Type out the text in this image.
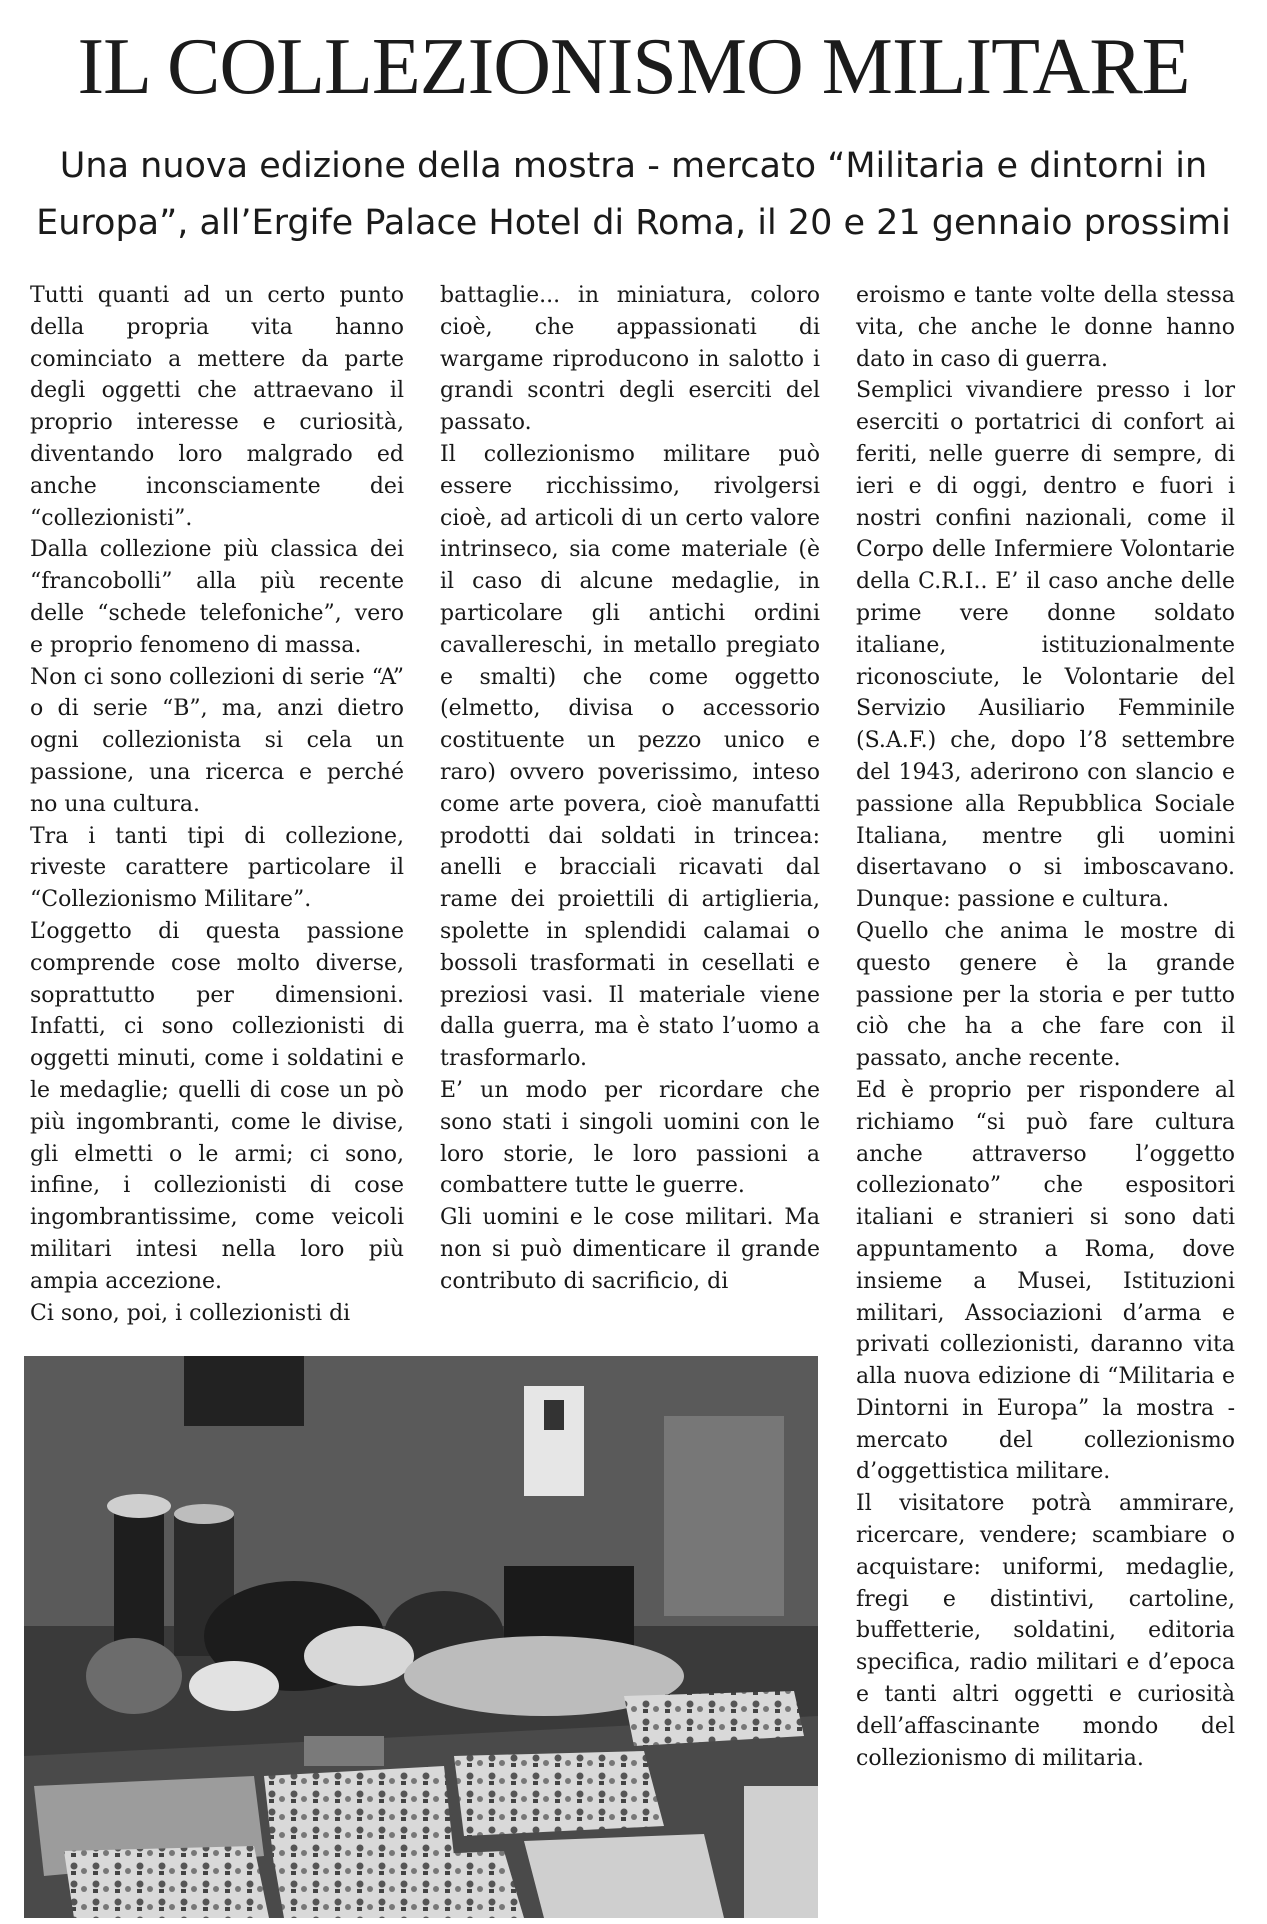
IL COLLEZIONISMO MILITARE
Una nuova edizione della mostra - mercato “Militaria e dintorni in Europa”, all’Ergife Palace Hotel di Roma, il 20 e 21 gennaio prossimi

Tutti quanti ad un certo punto della propria vita hanno cominciato a mettere da parte degli oggetti che attraevano il proprio interesse e curiosità, diventando loro malgrado ed anche inconsciamente dei “collezionisti”.

Dalla collezione più classica dei “francobolli” alla più recente delle “schede telefoniche”, vero e proprio fenomeno di massa.

Non ci sono collezioni di serie “A” o di serie “B”, ma, anzi dietro ogni collezionista si cela un passione, una ricerca e perché no una cultura.

Tra i tanti tipi di collezione, riveste carattere particolare il “Collezionismo Militare”.

L’oggetto di questa passione comprende cose molto diverse, soprattutto per dimensioni. Infatti, ci sono collezionisti di oggetti minuti, come i soldatini e le medaglie; quelli di cose un pò più ingombranti, come le divise, gli elmetti o le armi; ci sono, infine, i collezionisti di cose ingombrantissime, come veicoli militari intesi nella loro più ampia accezione.

Ci sono, poi, i collezionisti di

battaglie... in miniatura, coloro cioè, che appassionati di wargame riproducono in salotto i grandi scontri degli eserciti del passato.

Il collezionismo militare può essere ricchissimo, rivolgersi cioè, ad articoli di un certo valore intrinseco, sia come materiale (è il caso di alcune medaglie, in particolare gli antichi ordini cavallereschi, in metallo pregiato e smalti) che come oggetto (elmetto, divisa o accessorio costituente un pezzo unico e raro) ovvero poverissimo, inteso come arte povera, cioè manufatti prodotti dai soldati in trincea: anelli e bracciali ricavati dal rame dei proiettili di artiglieria, spolette in splendidi calamai o bossoli trasformati in cesellati e preziosi vasi. Il materiale viene dalla guerra, ma è stato l’uomo a trasformarlo.

E’ un modo per ricordare che sono stati i singoli uomini con le loro storie, le loro passioni a combattere tutte le guerre.

Gli uomini e le cose militari. Ma non si può dimenticare il grande contributo di sacrificio, di

eroismo e tante volte della stessa vita, che anche le donne hanno dato in caso di guerra.

Semplici vivandiere presso i lor eserciti o portatrici di confort ai feriti, nelle guerre di sempre, di ieri e di oggi, dentro e fuori i nostri confini nazionali, come il Corpo delle Infermiere Volontarie della C.R.I.. E’ il caso anche delle prime vere donne soldato italiane, istituzionalmente riconosciute, le Volontarie del Servizio Ausiliario Femminile (S.A.F.) che, dopo l’8 settembre del 1943, aderirono con slancio e passione alla Repubblica Sociale Italiana, mentre gli uomini disertavano o si imboscavano. Dunque: passione e cultura.

Quello che anima le mostre di questo genere è la grande passione per la storia e per tutto ciò che ha a che fare con il passato, anche recente.

Ed è proprio per rispondere al richiamo “si può fare cultura anche attraverso l’oggetto collezionato” che espositori italiani e stranieri si sono dati appuntamento a Roma, dove insieme a Musei, Istituzioni militari, Associazioni d’arma e privati collezionisti, daranno vita alla nuova edizione di “Militaria e Dintorni in Europa” la mostra - mercato del collezionismo d’oggettistica militare.

Il visitatore potrà ammirare, ricercare, vendere; scambiare o acquistare: uniformi, medaglie, fregi e distintivi, cartoline, buffetterie, soldatini, editoria specifica, radio militari e d’epoca e tanti altri oggetti e curiosità dell’affascinante mondo del collezionismo di militaria.
